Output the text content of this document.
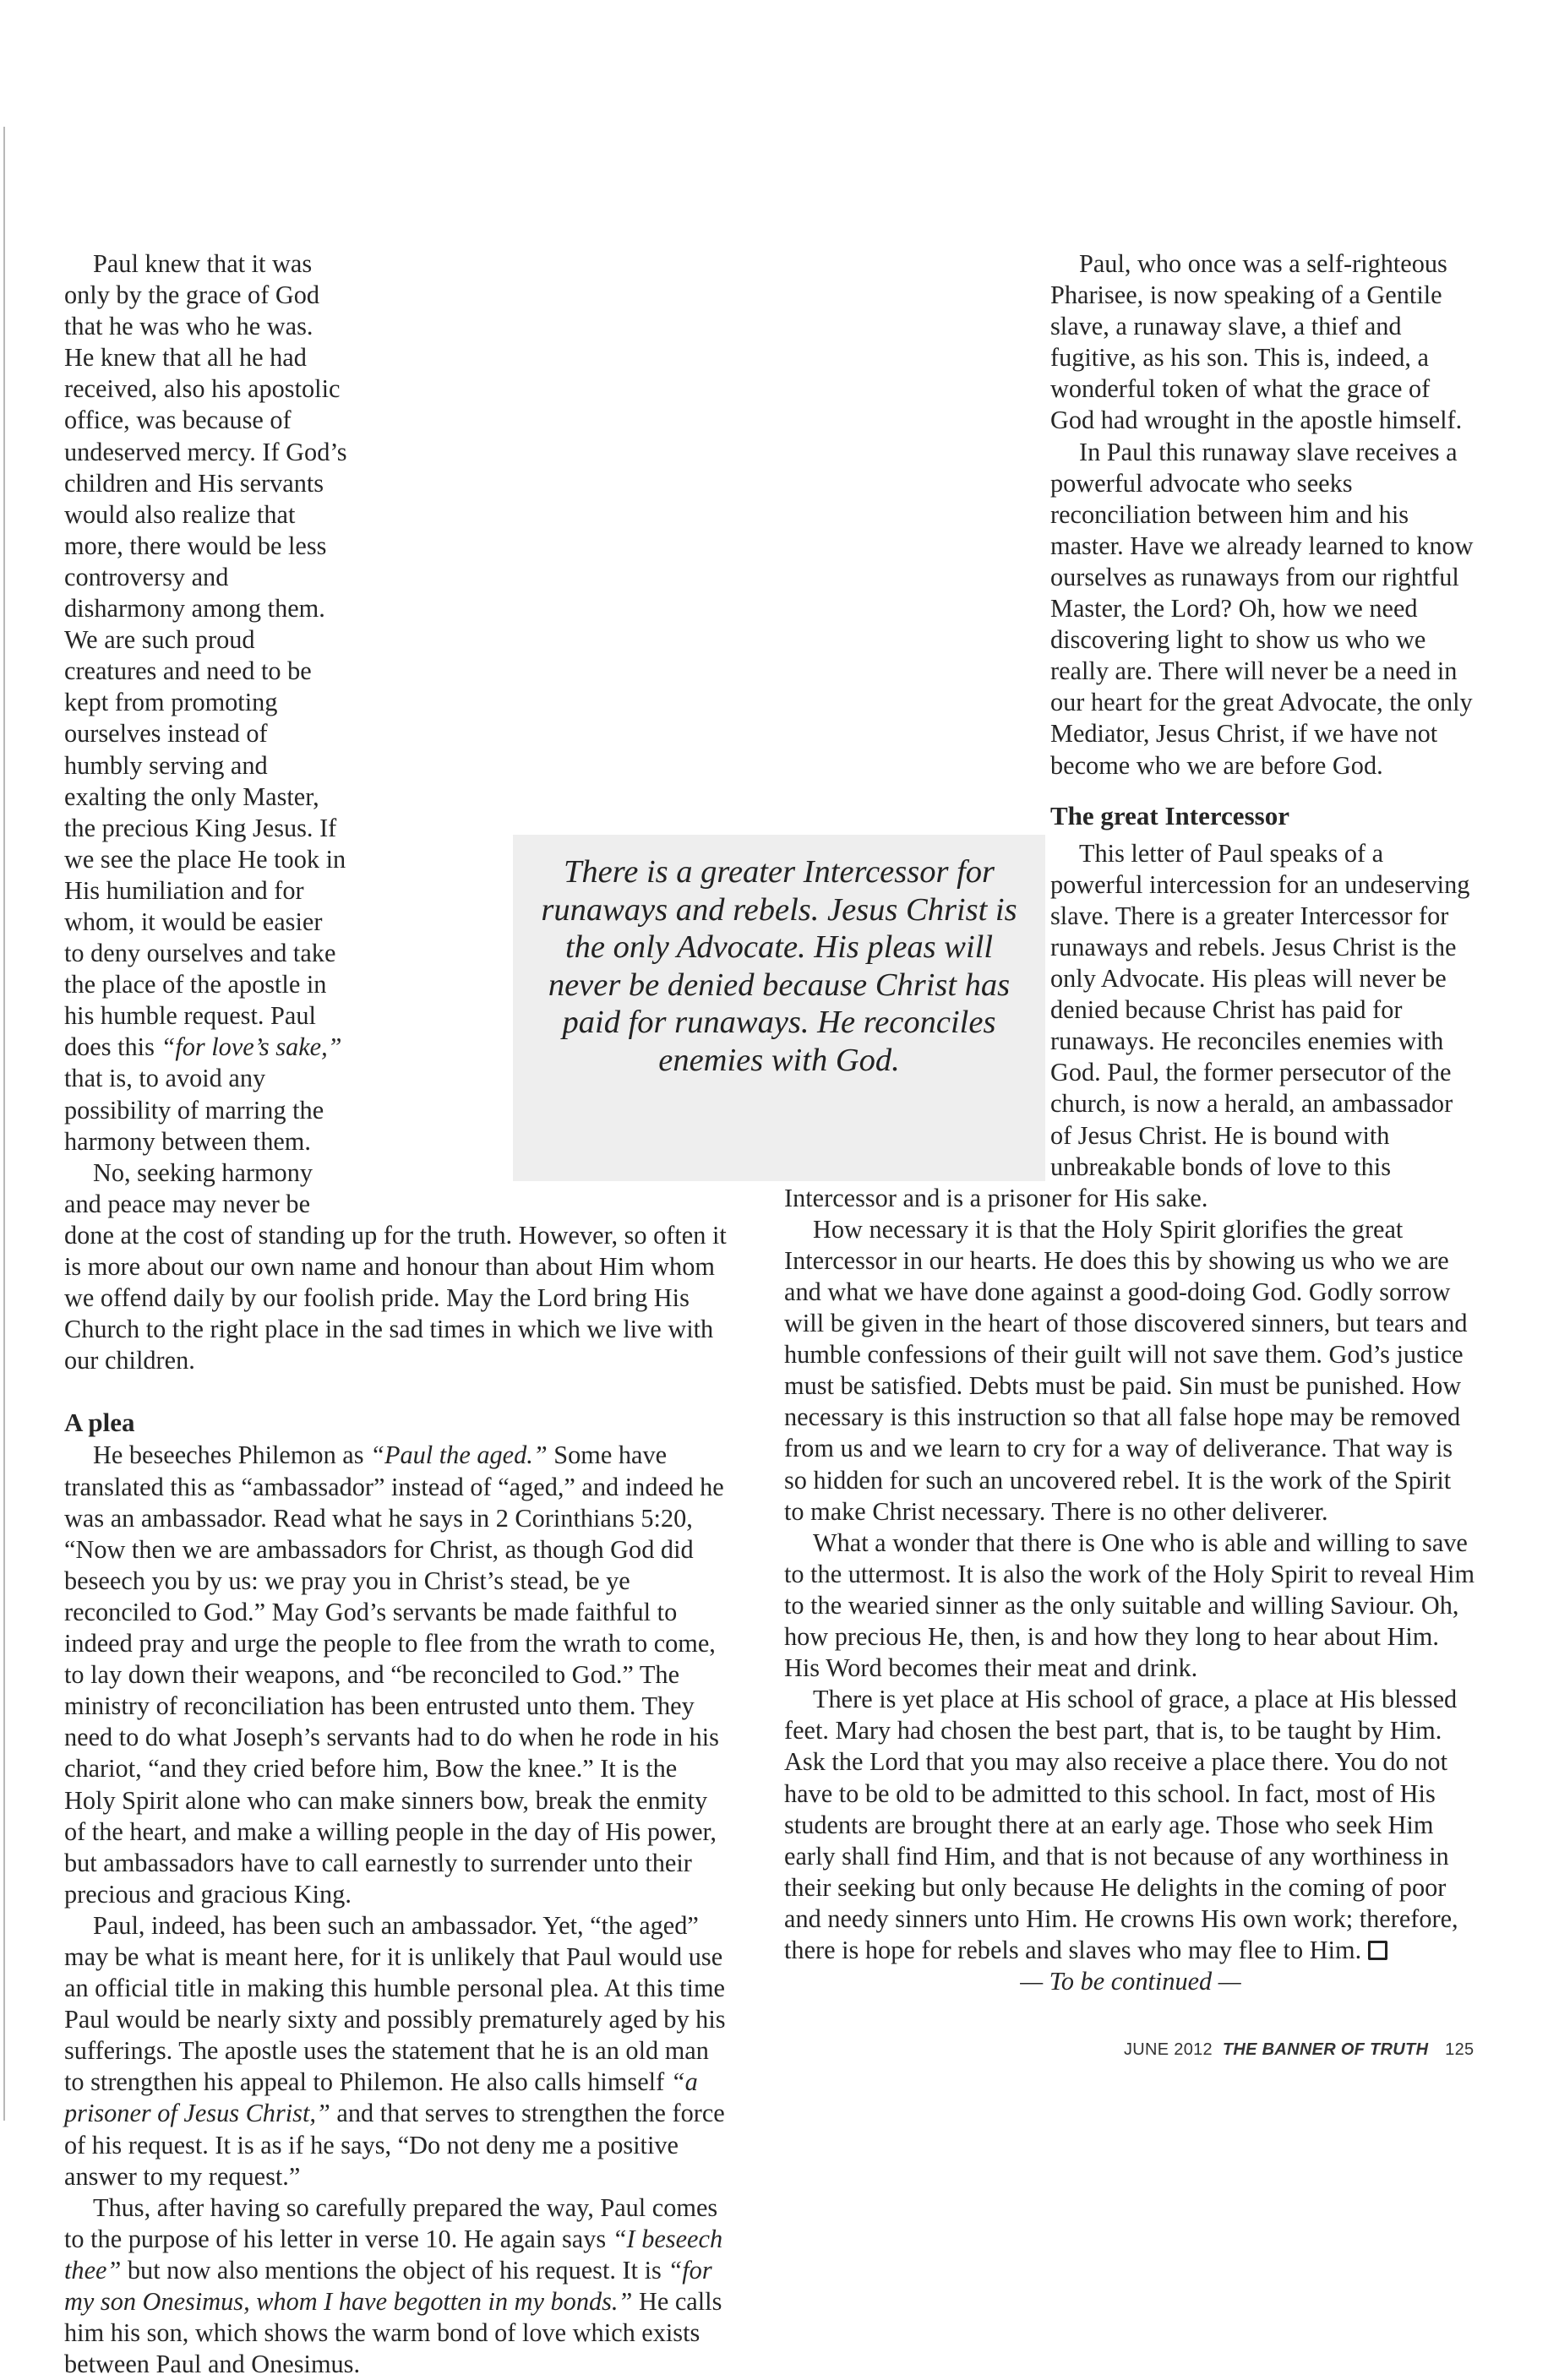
Paul knew that it was only by the grace of God that he was who he was. He knew that all he had received, also his apostolic office, was because of undeserved mercy. If God’s children and His servants would also realize that more, there would be less controversy and disharmony among them. We are such proud creatures and need to be kept from promoting ourselves instead of humbly serving and exalting the only Master, the precious King Jesus. If we see the place He took in His humiliation and for whom, it would be easier to deny ourselves and take the place of the apostle in his humble request. Paul does this “for love’s sake,” that is, to avoid any possibility of marring the harmony between them.

No, seeking harmony and peace may never be done at the cost of standing up for the truth. However, so often it is more about our own name and honour than about Him whom we offend daily by our foolish pride. May the Lord bring His Church to the right place in the sad times in which we live with our children.

A plea

He beseeches Philemon as “Paul the aged.” Some have translated this as “ambassador” instead of “aged,” and indeed he was an ambassador. Read what he says in 2 Corinthians 5:20, “Now then we are ambassadors for Christ, as though God did beseech you by us: we pray you in Christ’s stead, be ye reconciled to God.” May God’s servants be made faithful to indeed pray and urge the people to flee from the wrath to come, to lay down their weapons, and “be reconciled to God.” The ministry of reconciliation has been entrusted unto them. They need to do what Joseph’s servants had to do when he rode in his chariot, “and they cried before him, Bow the knee.” It is the Holy Spirit alone who can make sinners bow, break the enmity of the heart, and make a willing people in the day of His power, but ambassadors have to call earnestly to surrender unto their precious and gracious King.

Paul, indeed, has been such an ambassador. Yet, “the aged” may be what is meant here, for it is unlikely that Paul would use an official title in making this humble personal plea. At this time Paul would be nearly sixty and possibly prematurely aged by his sufferings. The apostle uses the statement that he is an old man to strengthen his appeal to Philemon. He also calls himself “a prisoner of Jesus Christ,” and that serves to strengthen the force of his request. It is as if he says, “Do not deny me a positive answer to my request.”

Thus, after having so carefully prepared the way, Paul comes to the purpose of his letter in verse 10. He again says “I beseech thee” but now also mentions the object of his request. It is “for my son Onesimus, whom I have begotten in my bonds.” He calls him his son, which shows the warm bond of love which exists between Paul and Onesimus.

Paul, who once was a self-righteous Pharisee, is now speaking of a Gentile slave, a runaway slave, a thief and fugitive, as his son. This is, indeed, a wonderful token of what the grace of God had wrought in the apostle himself.

In Paul this runaway slave receives a powerful advocate who seeks reconciliation between him and his master. Have we already learned to know ourselves as runaways from our rightful Master, the Lord? Oh, how we need discovering light to show us who we really are. There will never be a need in our heart for the great Advocate, the only Mediator, Jesus Christ, if we have not become who we are before God.

The great Intercessor

This letter of Paul speaks of a powerful intercession for an undeserving slave. There is a greater Intercessor for runaways and rebels. Jesus Christ is the only Advocate. His pleas will never be denied because Christ has paid for runaways. He reconciles enemies with God. Paul, the former persecutor of the church, is now a herald, an ambassador of Jesus Christ. He is bound with unbreakable bonds of love to this Intercessor and is a prisoner for His sake.

How necessary it is that the Holy Spirit glorifies the great Intercessor in our hearts. He does this by showing us who we are and what we have done against a good-doing God. Godly sorrow will be given in the heart of those discovered sinners, but tears and humble confessions of their guilt will not save them. God’s justice must be satisfied. Debts must be paid. Sin must be punished. How necessary is this instruction so that all false hope may be removed from us and we learn to cry for a way of deliverance. That way is so hidden for such an uncovered rebel. It is the work of the Spirit to make Christ necessary. There is no other deliverer.

What a wonder that there is One who is able and willing to save to the uttermost. It is also the work of the Holy Spirit to reveal Him to the wearied sinner as the only suitable and willing Saviour. Oh, how precious He, then, is and how they long to hear about Him. His Word becomes their meat and drink.

There is yet place at His school of grace, a place at His blessed feet. Mary had chosen the best part, that is, to be taught by Him. Ask the Lord that you may also receive a place there. You do not have to be old to be admitted to this school. In fact, most of His students are brought there at an early age. Those who seek Him early shall find Him, and that is not because of any worthiness in their seeking but only because He delights in the coming of poor and needy sinners unto Him. He crowns His own work; therefore, there is hope for rebels and slaves who may flee to Him.

— To be continued —

There is a greater Intercessor for runaways and rebels. Jesus Christ is the only Advocate. His pleas will never be denied because Christ has paid for runaways. He reconciles enemies with God.
JUNE 2012 THE BANNER OF TRUTH 125
